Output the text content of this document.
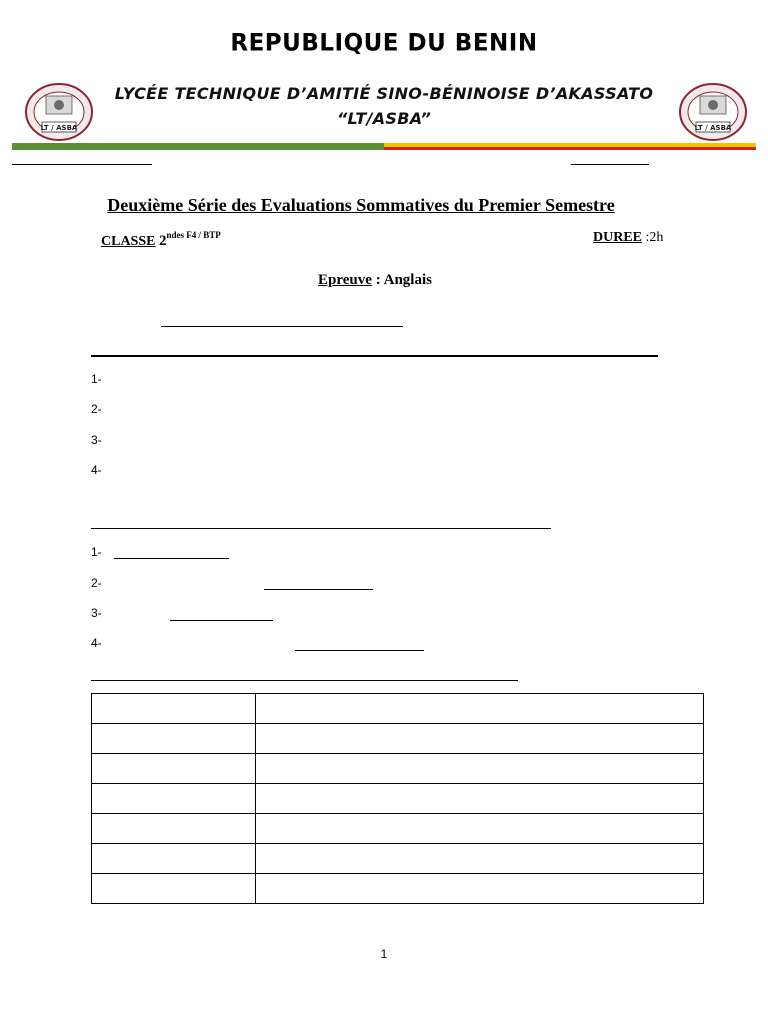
REPUBLIQUE DU BENIN
LT / ASBA	LT / ASBA
LYCÉE TECHNIQUE D’AMITIÉ SINO-BÉNINOISE D’AKASSATO
“LT/ASBA”
Deuxième Série des Evaluations Sommatives du Premier Semestre
CLASSE $2^{ndes F4 / BTP}$	DUREE :2h
Epreuve : Anglais
1-
2-
3-
4-
1-
2-
3-
4-

1
